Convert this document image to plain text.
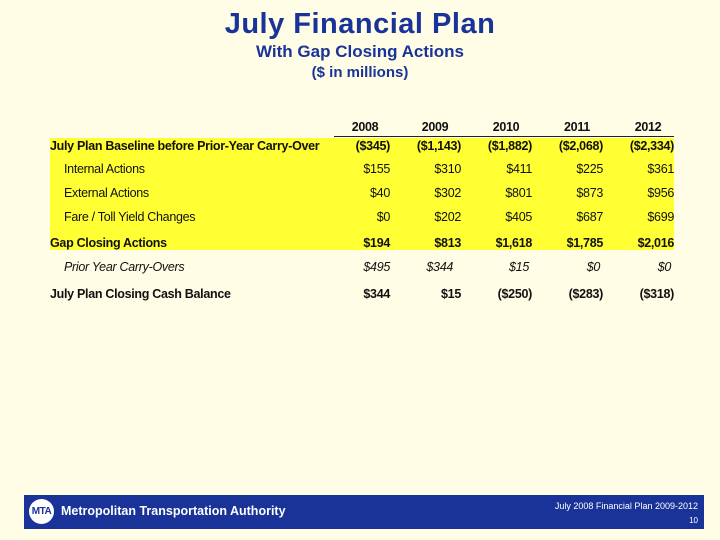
July Financial Plan
With Gap Closing Actions
($ in millions)
2008	2009	2010	2011	2012
July Plan Baseline before Prior-Year Carry-Over	($345)	($1,143)	($1,882)	($2,068)	($2,334)
Internal Actions	$155	$310	$411	$225	$361
External Actions	$40	$302	$801	$873	$956
Fare / Toll Yield Changes	$0	$202	$405	$687	$699
Gap Closing Actions	$194	$813	$1,618	$1,785	$2,016
Prior Year Carry-Overs	$495	$344	$15	$0	$0
July Plan Closing Cash Balance	$344	$15	($250)	($283)	($318)
MTA Metropolitan Transportation Authority	July 2008 Financial Plan 2009-2012
10
